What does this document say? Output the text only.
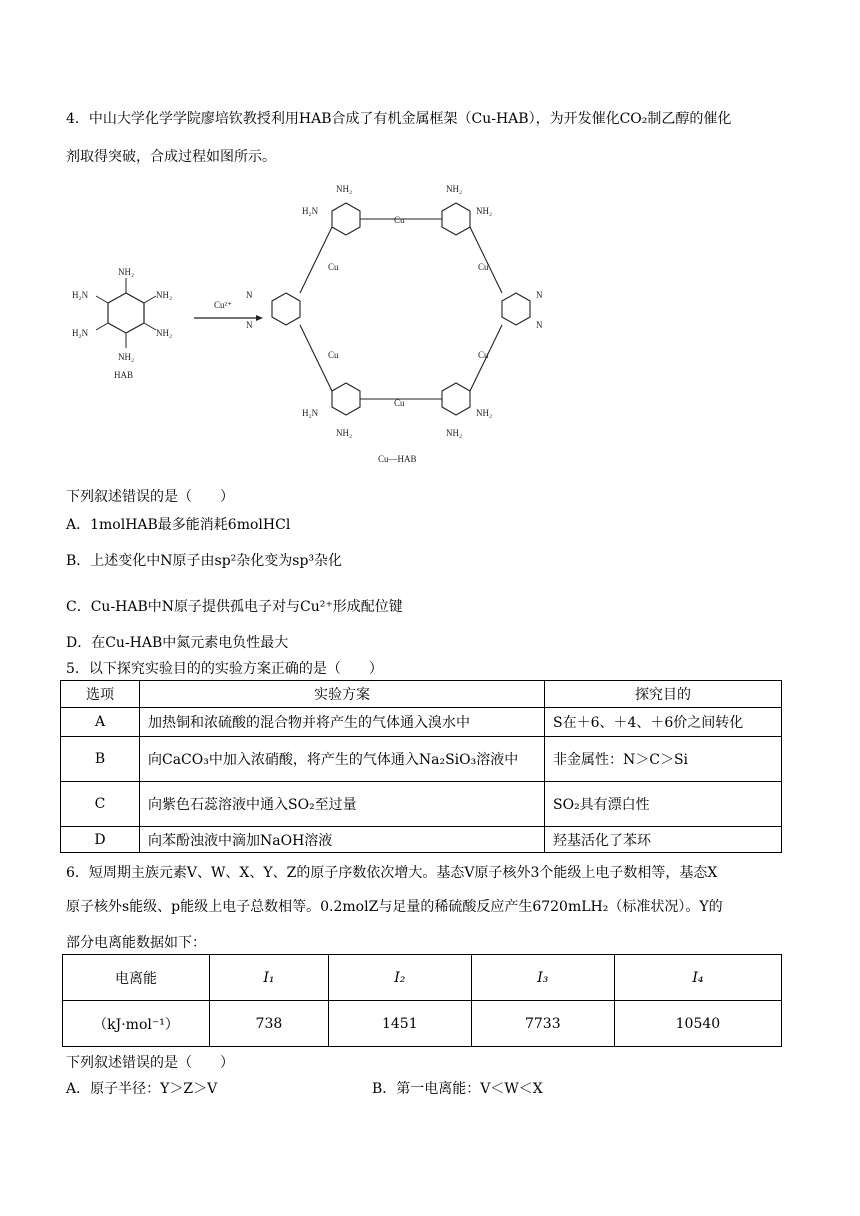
4．中山大学化学学院廖培钦教授利用HAB合成了有机金属框架（Cu-HAB），为开发催化CO₂制乙醇的催化
剂取得突破，合成过程如图所示。
NH₂
NH₂
NH₂
NH₂
H₂N
H₂N
HAB
Cu²⁺
Cu
Cu	Cu
Cu	Cu
Cu
NH₂	NH₂
H₂N	NH₂
N	N
N	N
H₂N	NH₂
NH₂	NH₂
Cu—HAB
下列叙述错误的是（　　）
A．1molHAB最多能消耗6molHCl
B．上述变化中N原子由sp²杂化变为sp³杂化
C．Cu-HAB中N原子提供孤电子对与Cu²⁺形成配位键
D．在Cu-HAB中氮元素电负性最大
5．以下探究实验目的的实验方案正确的是（　　）
选项	实验方案	探究目的
A	加热铜和浓硫酸的混合物并将产生的气体通入溴水中	S在＋6、＋4、＋6价之间转化
B	向CaCO₃中加入浓硝酸，将产生的气体通入Na₂SiO₃溶液中	非金属性：N＞C＞Si
C	向紫色石蕊溶液中通入SO₂至过量	SO₂具有漂白性
D	向苯酚浊液中滴加NaOH溶液	羟基活化了苯环
6．短周期主族元素V、W、X、Y、Z的原子序数依次增大。基态V原子核外3个能级上电子数相等，基态X
原子核外s能级、p能级上电子总数相等。0.2molZ与足量的稀硫酸反应产生6720mLH₂（标准状况）。Y的
部分电离能数据如下：
电离能	I₁	I₂	I₃	I₄
（kJ·mol⁻¹）	738	1451	7733	10540
下列叙述错误的是（　　）
A．原子半径：Y＞Z＞V	B．第一电离能：V＜W＜X
